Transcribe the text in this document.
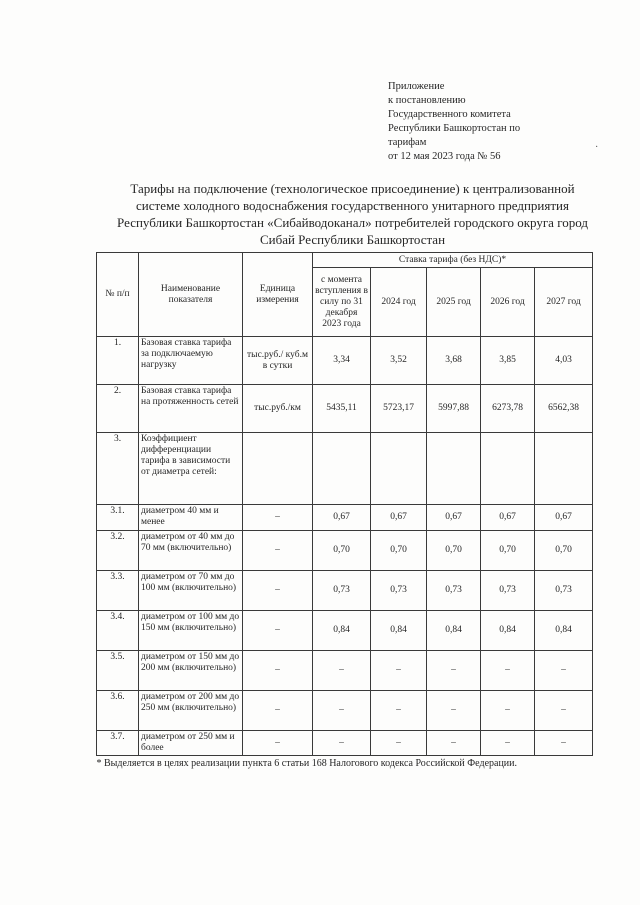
Приложение
к постановлению
Государственного комитета
Республики Башкортостан по
тарифам
от 12 мая 2023 года № 56
·
Тарифы на подключение (технологическое присоединение) к централизованной системе холодного водоснабжения государственного унитарного предприятия Республики Башкортостан «Сибайводоканал» потребителей городского округа город Сибай Республики Башкортостан
№ п/п	Наименование показателя	Единица измерения	Ставка тарифа (без НДС)*				
			с момента вступления в силу по 31 декабря 2023 года	2024 год	2025 год	2026 год	2027 год
1.	Базовая ставка тарифа за подключаемую нагрузку	тыс.руб./ куб.м в сутки	3,34	3,52	3,68	3,85	4,03
2.	Базовая ставка тарифа на протяженность сетей	тыс.руб./км	5435,11	5723,17	5997,88	6273,78	6562,38
3.	Коэффициент дифференциации тарифа в зависимости от диаметра сетей:						
3.1.	диаметром 40 мм и менее	–	0,67	0,67	0,67	0,67	0,67
3.2.	диаметром от 40 мм до 70 мм (включительно)	–	0,70	0,70	0,70	0,70	0,70
3.3.	диаметром от 70 мм до 100 мм (включительно)	–	0,73	0,73	0,73	0,73	0,73
3.4.	диаметром от 100 мм до 150 мм (включительно)	–	0,84	0,84	0,84	0,84	0,84
3.5.	диаметром от 150 мм до 200 мм (включительно)	–	–	–	–	–	–
3.6.	диаметром от 200 мм до 250 мм (включительно)	–	–	–	–	–	–
3.7.	диаметром от 250 мм и более	–	–	–	–	–	–
* Выделяется в целях реализации пункта 6 статьи 168 Налогового кодекса Российской Федерации.							
